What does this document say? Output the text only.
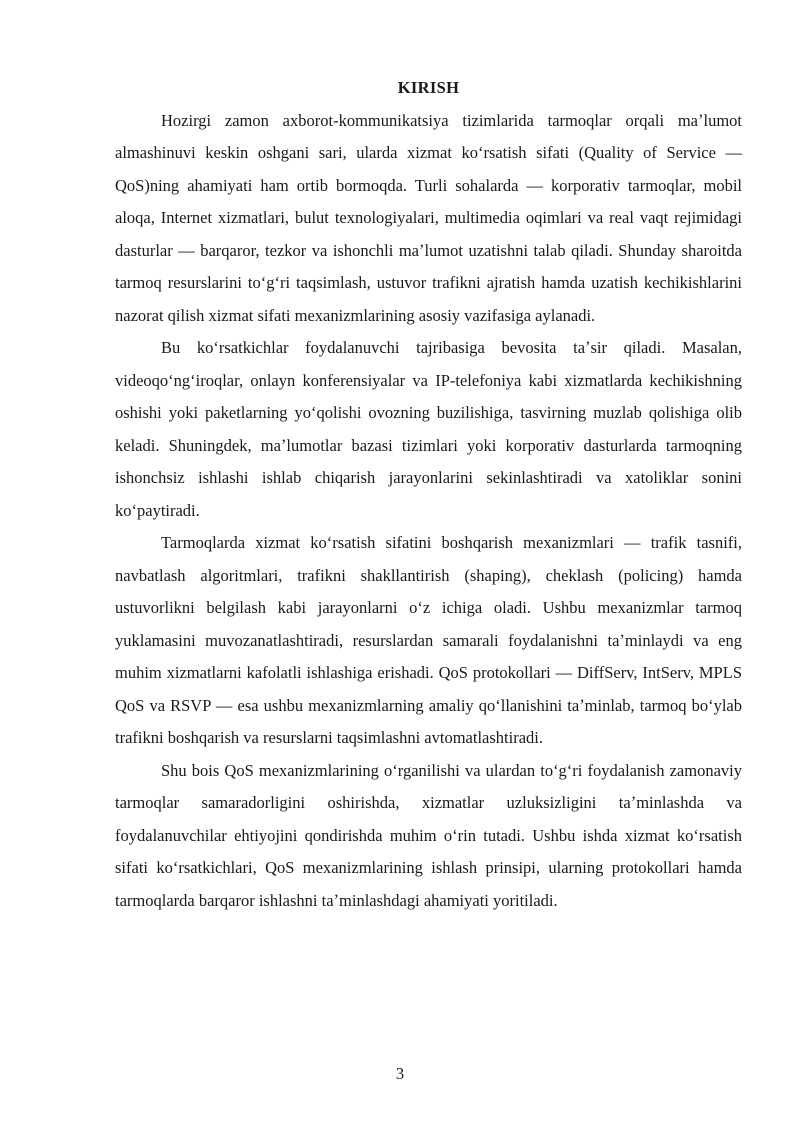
KIRISH

Hozirgi zamon axborot-kommunikatsiya tizimlarida tarmoqlar orqali maʼlumot almashinuvi keskin oshgani sari, ularda xizmat koʻrsatish sifati (Quality of Service — QoS)ning ahamiyati ham ortib bormoqda. Turli sohalarda — korporativ tarmoqlar, mobil aloqa, Internet xizmatlari, bulut texnologiyalari, multimedia oqimlari va real vaqt rejimidagi dasturlar — barqaror, tezkor va ishonchli maʼlumot uzatishni talab qiladi. Shunday sharoitda tarmoq resurslarini toʻgʻri taqsimlash, ustuvor trafikni ajratish hamda uzatish kechikishlarini nazorat qilish xizmat sifati mexanizmlarining asosiy vazifasiga aylanadi.

Bu koʻrsatkichlar foydalanuvchi tajribasiga bevosita taʼsir qiladi. Masalan, videoqoʻngʻiroqlar, onlayn konferensiyalar va IP-telefoniya kabi xizmatlarda kechikishning oshishi yoki paketlarning yoʻqolishi ovozning buzilishiga, tasvirning muzlab qolishiga olib keladi. Shuningdek, maʼlumotlar bazasi tizimlari yoki korporativ dasturlarda tarmoqning ishonchsiz ishlashi ishlab chiqarish jarayonlarini sekinlashtiradi va xatoliklar sonini koʻpaytiradi.

Tarmoqlarda xizmat koʻrsatish sifatini boshqarish mexanizmlari — trafik tasnifi, navbatlash algoritmlari, trafikni shakllantirish (shaping), cheklash (policing) hamda ustuvorlikni belgilash kabi jarayonlarni oʻz ichiga oladi. Ushbu mexanizmlar tarmoq yuklamasini muvozanatlashtiradi, resurslardan samarali foydalanishni taʼminlaydi va eng muhim xizmatlarni kafolatli ishlashiga erishadi. QoS protokollari — DiffServ, IntServ, MPLS QoS va RSVP — esa ushbu mexanizmlarning amaliy qoʻllanishini taʼminlab, tarmoq boʻylab trafikni boshqarish va resurslarni taqsimlashni avtomatlashtiradi.

Shu bois QoS mexanizmlarining oʻrganilishi va ulardan toʻgʻri foydalanish zamonaviy tarmoqlar samaradorligini oshirishda, xizmatlar uzluksizligini taʼminlashda va foydalanuvchilar ehtiyojini qondirishda muhim oʻrin tutadi. Ushbu ishda xizmat koʻrsatish sifati koʻrsatkichlari, QoS mexanizmlarining ishlash prinsipi, ularning protokollari hamda tarmoqlarda barqaror ishlashni taʼminlashdagi ahamiyati yoritiladi.

3
